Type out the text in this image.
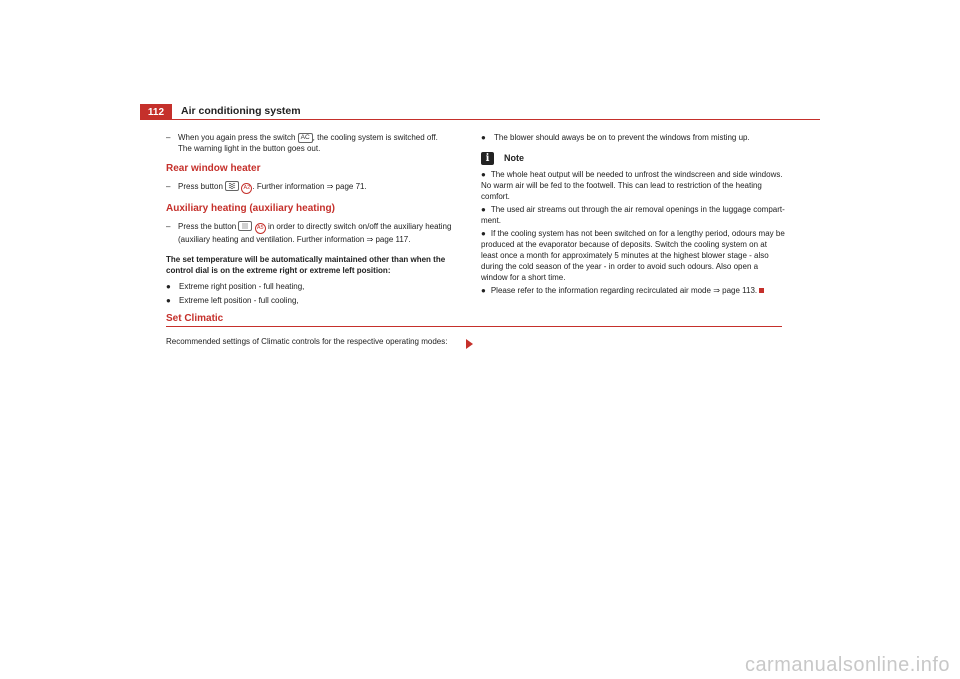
112	Air conditioning system
– When you again press the switch AC , the cooling system is switched off. The warning light in the button goes out.
Rear window heater
– Press button	A2 . Further information ⇒ page 71.
Auxiliary heating (auxiliary heating)
– Press the button	A5 in order to directly switch on/off the auxiliary heating (auxiliary heating and ventilation. Further information ⇒ page 117.
The set temperature will be automatically maintained other than when the control dial is on the extreme right or extreme left position:
● Extreme right position - full heating,
● Extreme left position - full cooling,
● The blower should aways be on to prevent the windows from misting up.
i	Note
● The whole heat output will be needed to unfrost the windscreen and side windows. No warm air will be fed to the footwell. This can lead to restriction of the heating comfort.
● The used air streams out through the air removal openings in the luggage compart-ment.
● If the cooling system has not been switched on for a lengthy period, odours may be produced at the evaporator because of deposits. Switch the cooling system on at least once a month for approximately 5 minutes at the highest blower stage - also during the cold season of the year - in order to avoid such odours. Also open a window for a short time.
● Please refer to the information regarding recirculated air mode ⇒ page 113.
Set Climatic
Recommended settings of Climatic controls for the respective operating modes:
carmanualsonline.info
